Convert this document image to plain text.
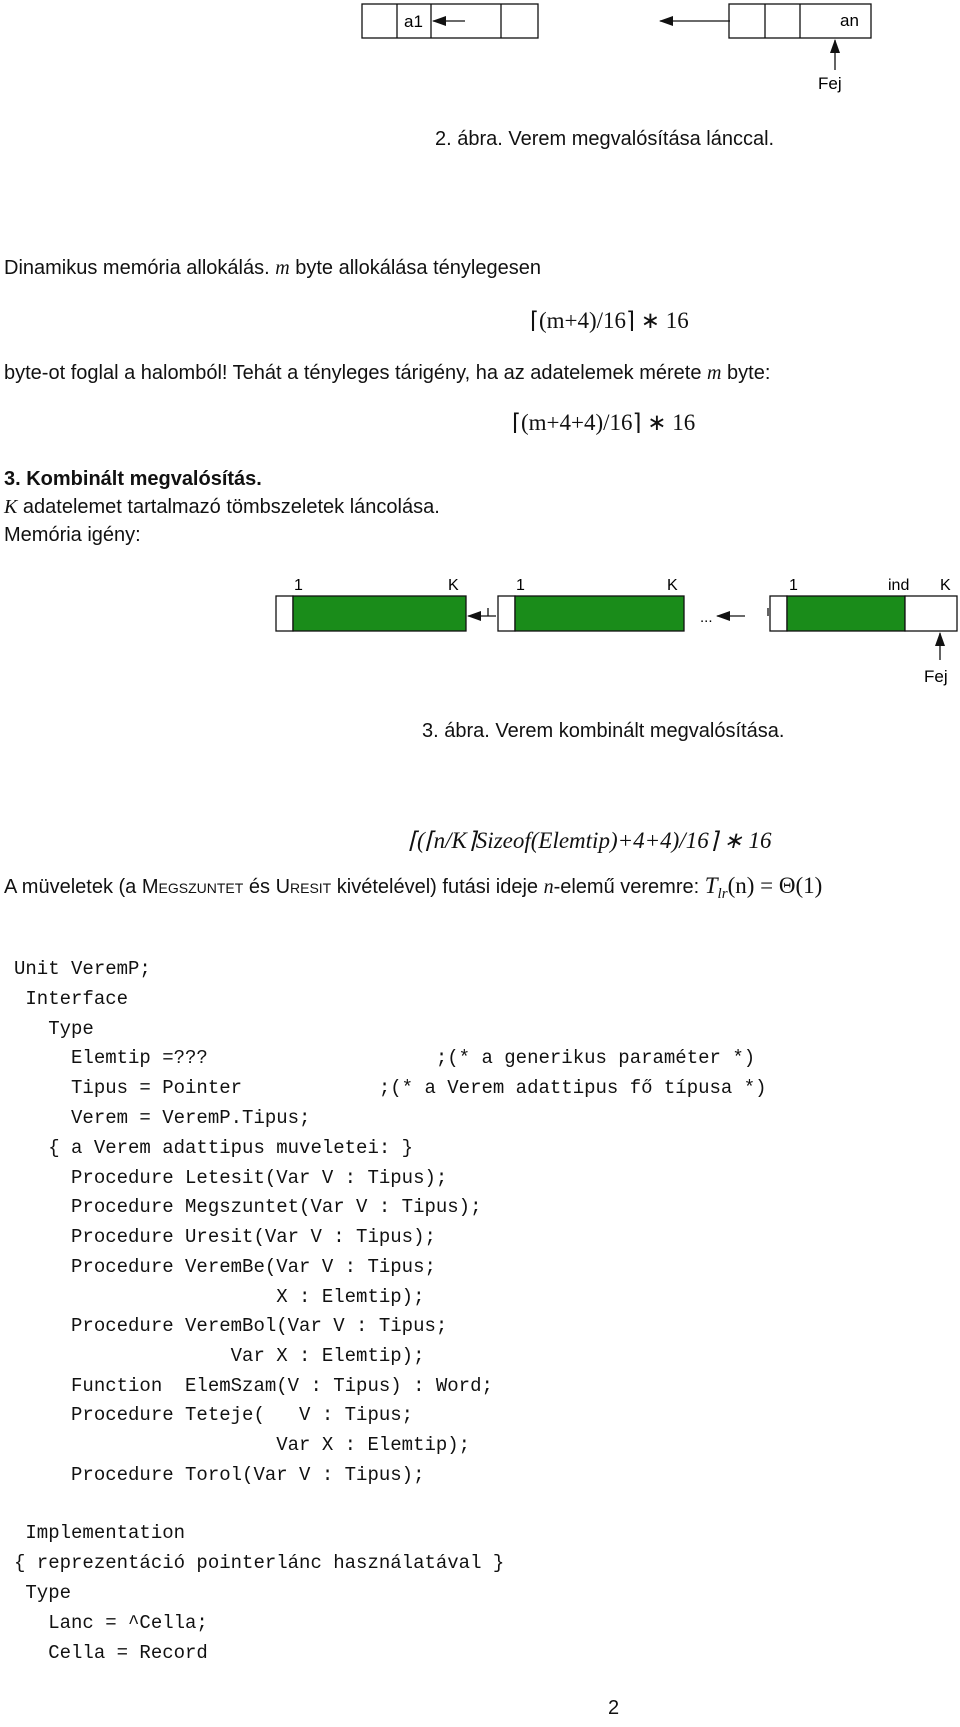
a1	an
Fej
2. ábra. Verem megvalósítása lánccal.
Dinamikus memória allokálás. m byte allokálása ténylegesen
⌈(m+4)/16⌉ ∗ 16
byte-ot foglal a halomból! Tehát a tényleges tárigény, ha az adatelemek mérete m byte:
⌈(m+4+4)/16⌉ ∗ 16
3. Kombinált megvalósítás.
K adatelemet tartalmazó tömbszeletek láncolása.
Memória igény:
1	K	1	K	1	ind K
...
Fej
3. ábra. Verem kombinált megvalósítása.
⌈(⌈n/K⌉Sizeof(Elemtip)+4+4)/16⌉ ∗ 16
A müveletek (a Megszuntet és Uresit kivételével) futási ideje n-elemű veremre: $T_{lr}(n) = \Theta(1)$
Unit VeremP;
Interface
Type
Elemtip =???                    ;(* a generikus paraméter *)
Tipus = Pointer            ;(* a Verem adattipus fő típusa *)
Verem = VeremP.Tipus;
{ a Verem adattipus muveletei: }
Procedure Letesit(Var V : Tipus);
Procedure Megszuntet(Var V : Tipus);
Procedure Uresit(Var V : Tipus);
Procedure VeremBe(Var V : Tipus;
X : Elemtip);
Procedure VeremBol(Var V : Tipus;
Var X : Elemtip);
Function  ElemSzam(V : Tipus) : Word;
Procedure Teteje(   V : Tipus;
Var X : Elemtip);
Procedure Torol(Var V : Tipus);
Implementation
{ reprezentáció pointerlánc használatával }
Type
Lanc = ^Cella;
Cella = Record
2
